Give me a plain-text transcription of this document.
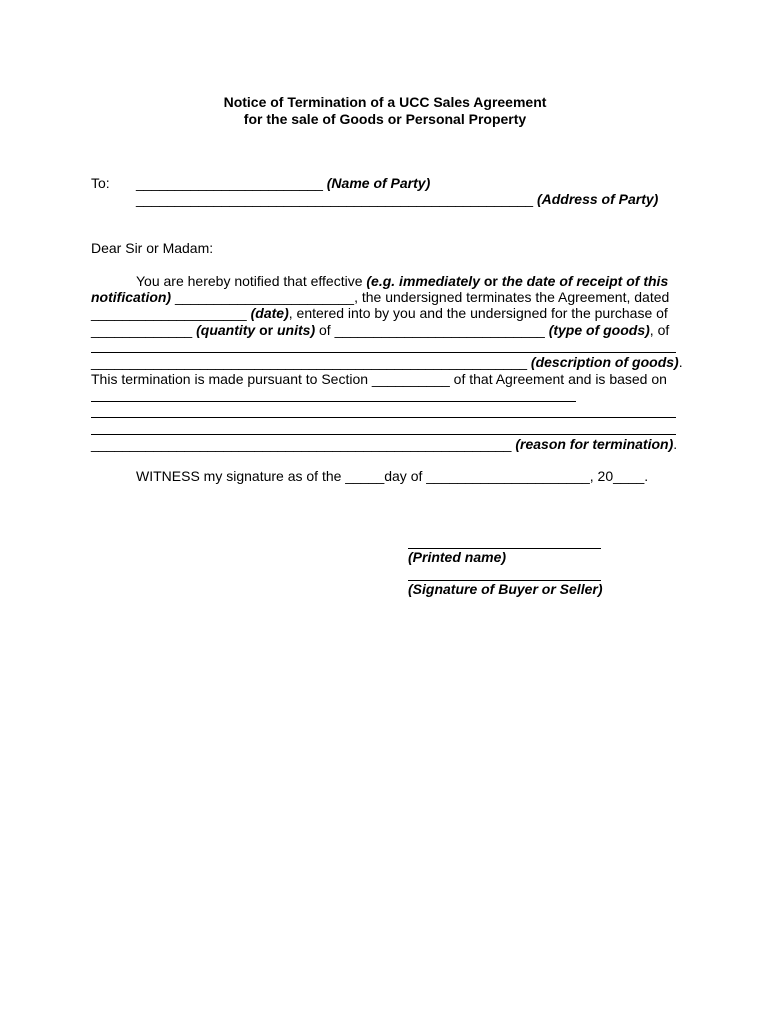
Notice of Termination of a UCC Sales Agreement
for the sale of Goods or Personal Property
To: ________________________ (Name of Party)
___________________________________________________ (Address of Party)
Dear Sir or Madam:
You are hereby notified that effective (e.g. immediately or the date of receipt of this
notification) _______________________, the undersigned terminates the Agreement, dated
____________________ (date), entered into by you and the undersigned for the purchase of
_____________ (quantity or units) of ___________________________ (type of goods), of
________________________________________________________ (description of goods).
This termination is made pursuant to Section __________ of that Agreement and is based on
______________________________________________________ (reason for termination).
WITNESS my signature as of the _____day of _____________________, 20____.
(Printed name)
(Signature of Buyer or Seller)
